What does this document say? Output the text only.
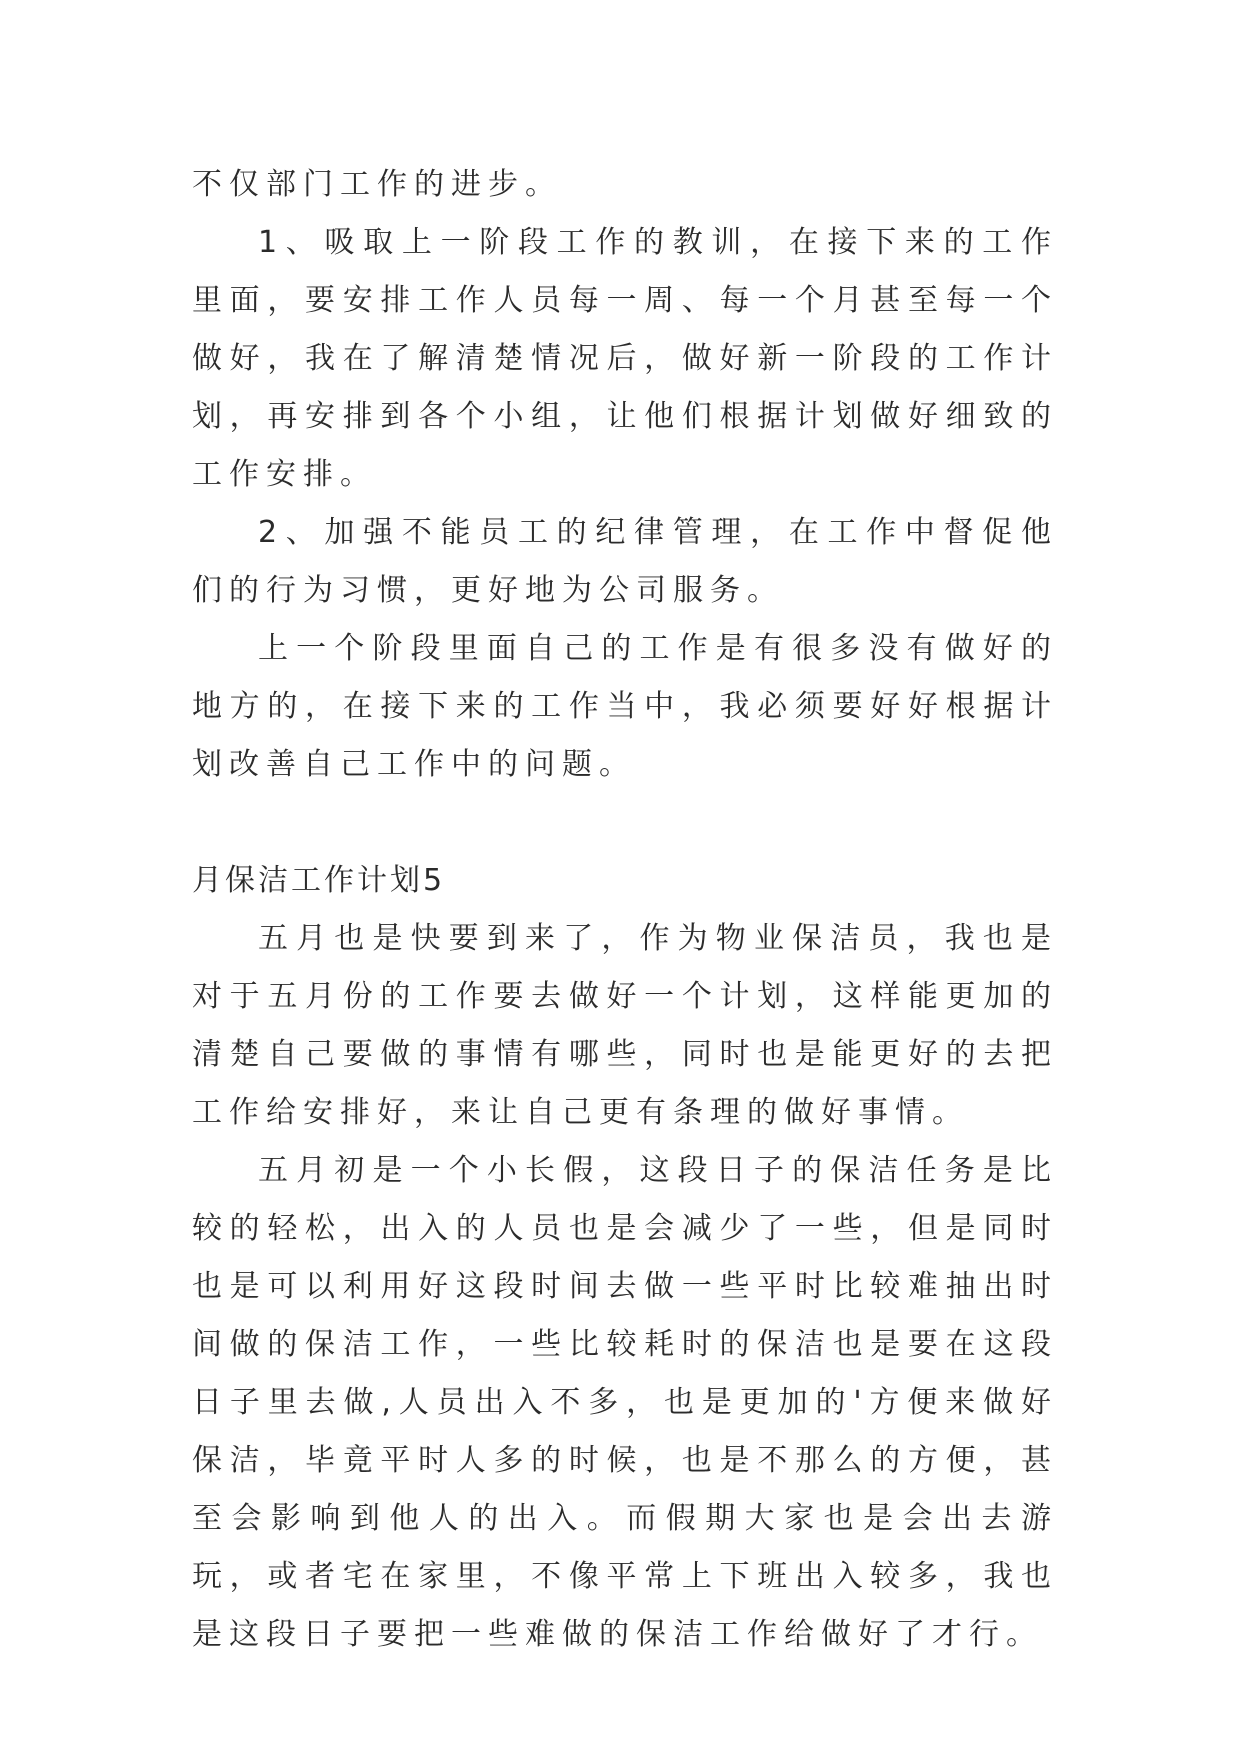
不仅部门工作的进步。

1、吸取上一阶段工作的教训，在接下来的工作里面，要安排工作人员每一周、每一个月甚至每一个做好，我在了解清楚情况后，做好新一阶段的工作计划，再安排到各个小组，让他们根据计划做好细致的工作安排。

2、加强不能员工的纪律管理，在工作中督促他们的行为习惯，更好地为公司服务。

上一个阶段里面自己的工作是有很多没有做好的地方的，在接下来的工作当中，我必须要好好根据计划改善自己工作中的问题。

月保洁工作计划5

五月也是快要到来了，作为物业保洁员，我也是对于五月份的工作要去做好一个计划，这样能更加的清楚自己要做的事情有哪些，同时也是能更好的去把工作给安排好，来让自己更有条理的做好事情。

五月初是一个小长假，这段日子的保洁任务是比较的轻松，出入的人员也是会减少了一些，但是同时也是可以利用好这段时间去做一些平时比较难抽出时间做的保洁工作，一些比较耗时的保洁也是要在这段日子里去做,人员出入不多，也是更加的'方便来做好保洁，毕竟平时人多的时候，也是不那么的方便，甚至会影响到他人的出入。而假期大家也是会出去游玩，或者宅在家里，不像平常上下班出入较多，我也是这段日子要把一些难做的保洁工作给做好了才行。
